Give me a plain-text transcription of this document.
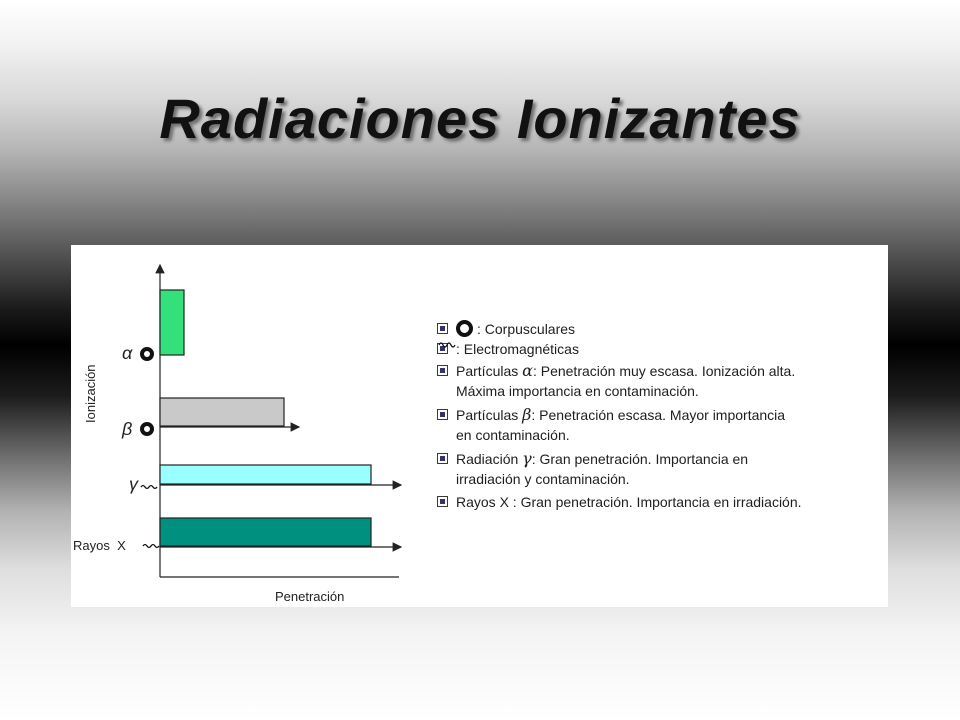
Radiaciones Ionizantes
Ionización
Penetración
α
β
γ
Rayos  X
: Corpusculares
: Electromagnéticas
Partículas α: Penetración muy escasa. Ionización alta.
Máxima importancia en contaminación.
Partículas β: Penetración escasa. Mayor importancia
en contaminación.
Radiación γ: Gran penetración. Importancia en
irradiación y contaminación.
Rayos X : Gran penetración. Importancia en irradiación.
